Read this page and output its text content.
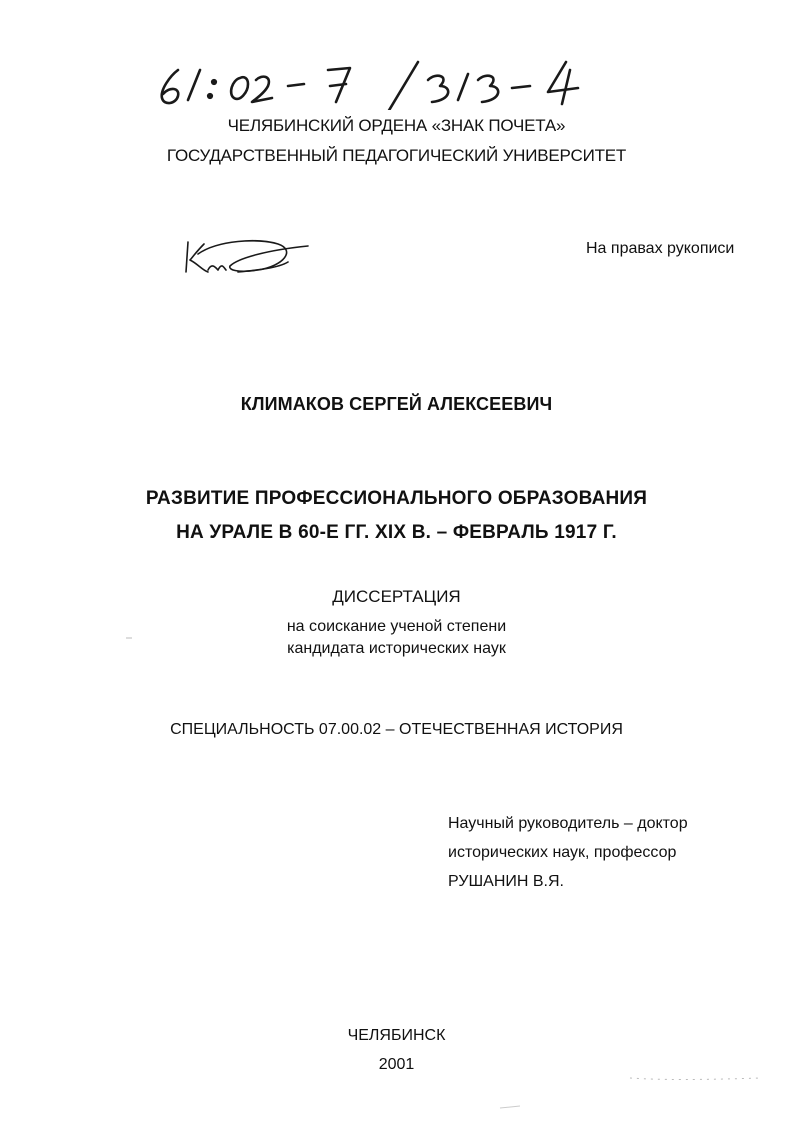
ЧЕЛЯБИНСКИЙ ОРДЕНА «ЗНАК ПОЧЕТА»
ГОСУДАРСТВЕННЫЙ ПЕДАГОГИЧЕСКИЙ УНИВЕРСИТЕТ
На правах рукописи
КЛИМАКОВ СЕРГЕЙ АЛЕКСЕЕВИЧ
РАЗВИТИЕ ПРОФЕССИОНАЛЬНОГО ОБРАЗОВАНИЯ
НА УРАЛЕ В 60-Е ГГ. XIX В. – ФЕВРАЛЬ 1917 Г.
ДИССЕРТАЦИЯ
на соискание ученой степени
кандидата исторических наук
СПЕЦИАЛЬНОСТЬ 07.00.02 – ОТЕЧЕСТВЕННАЯ ИСТОРИЯ
Научный руководитель – доктор
исторических наук, профессор
РУШАНИН В.Я.
ЧЕЛЯБИНСК
2001
